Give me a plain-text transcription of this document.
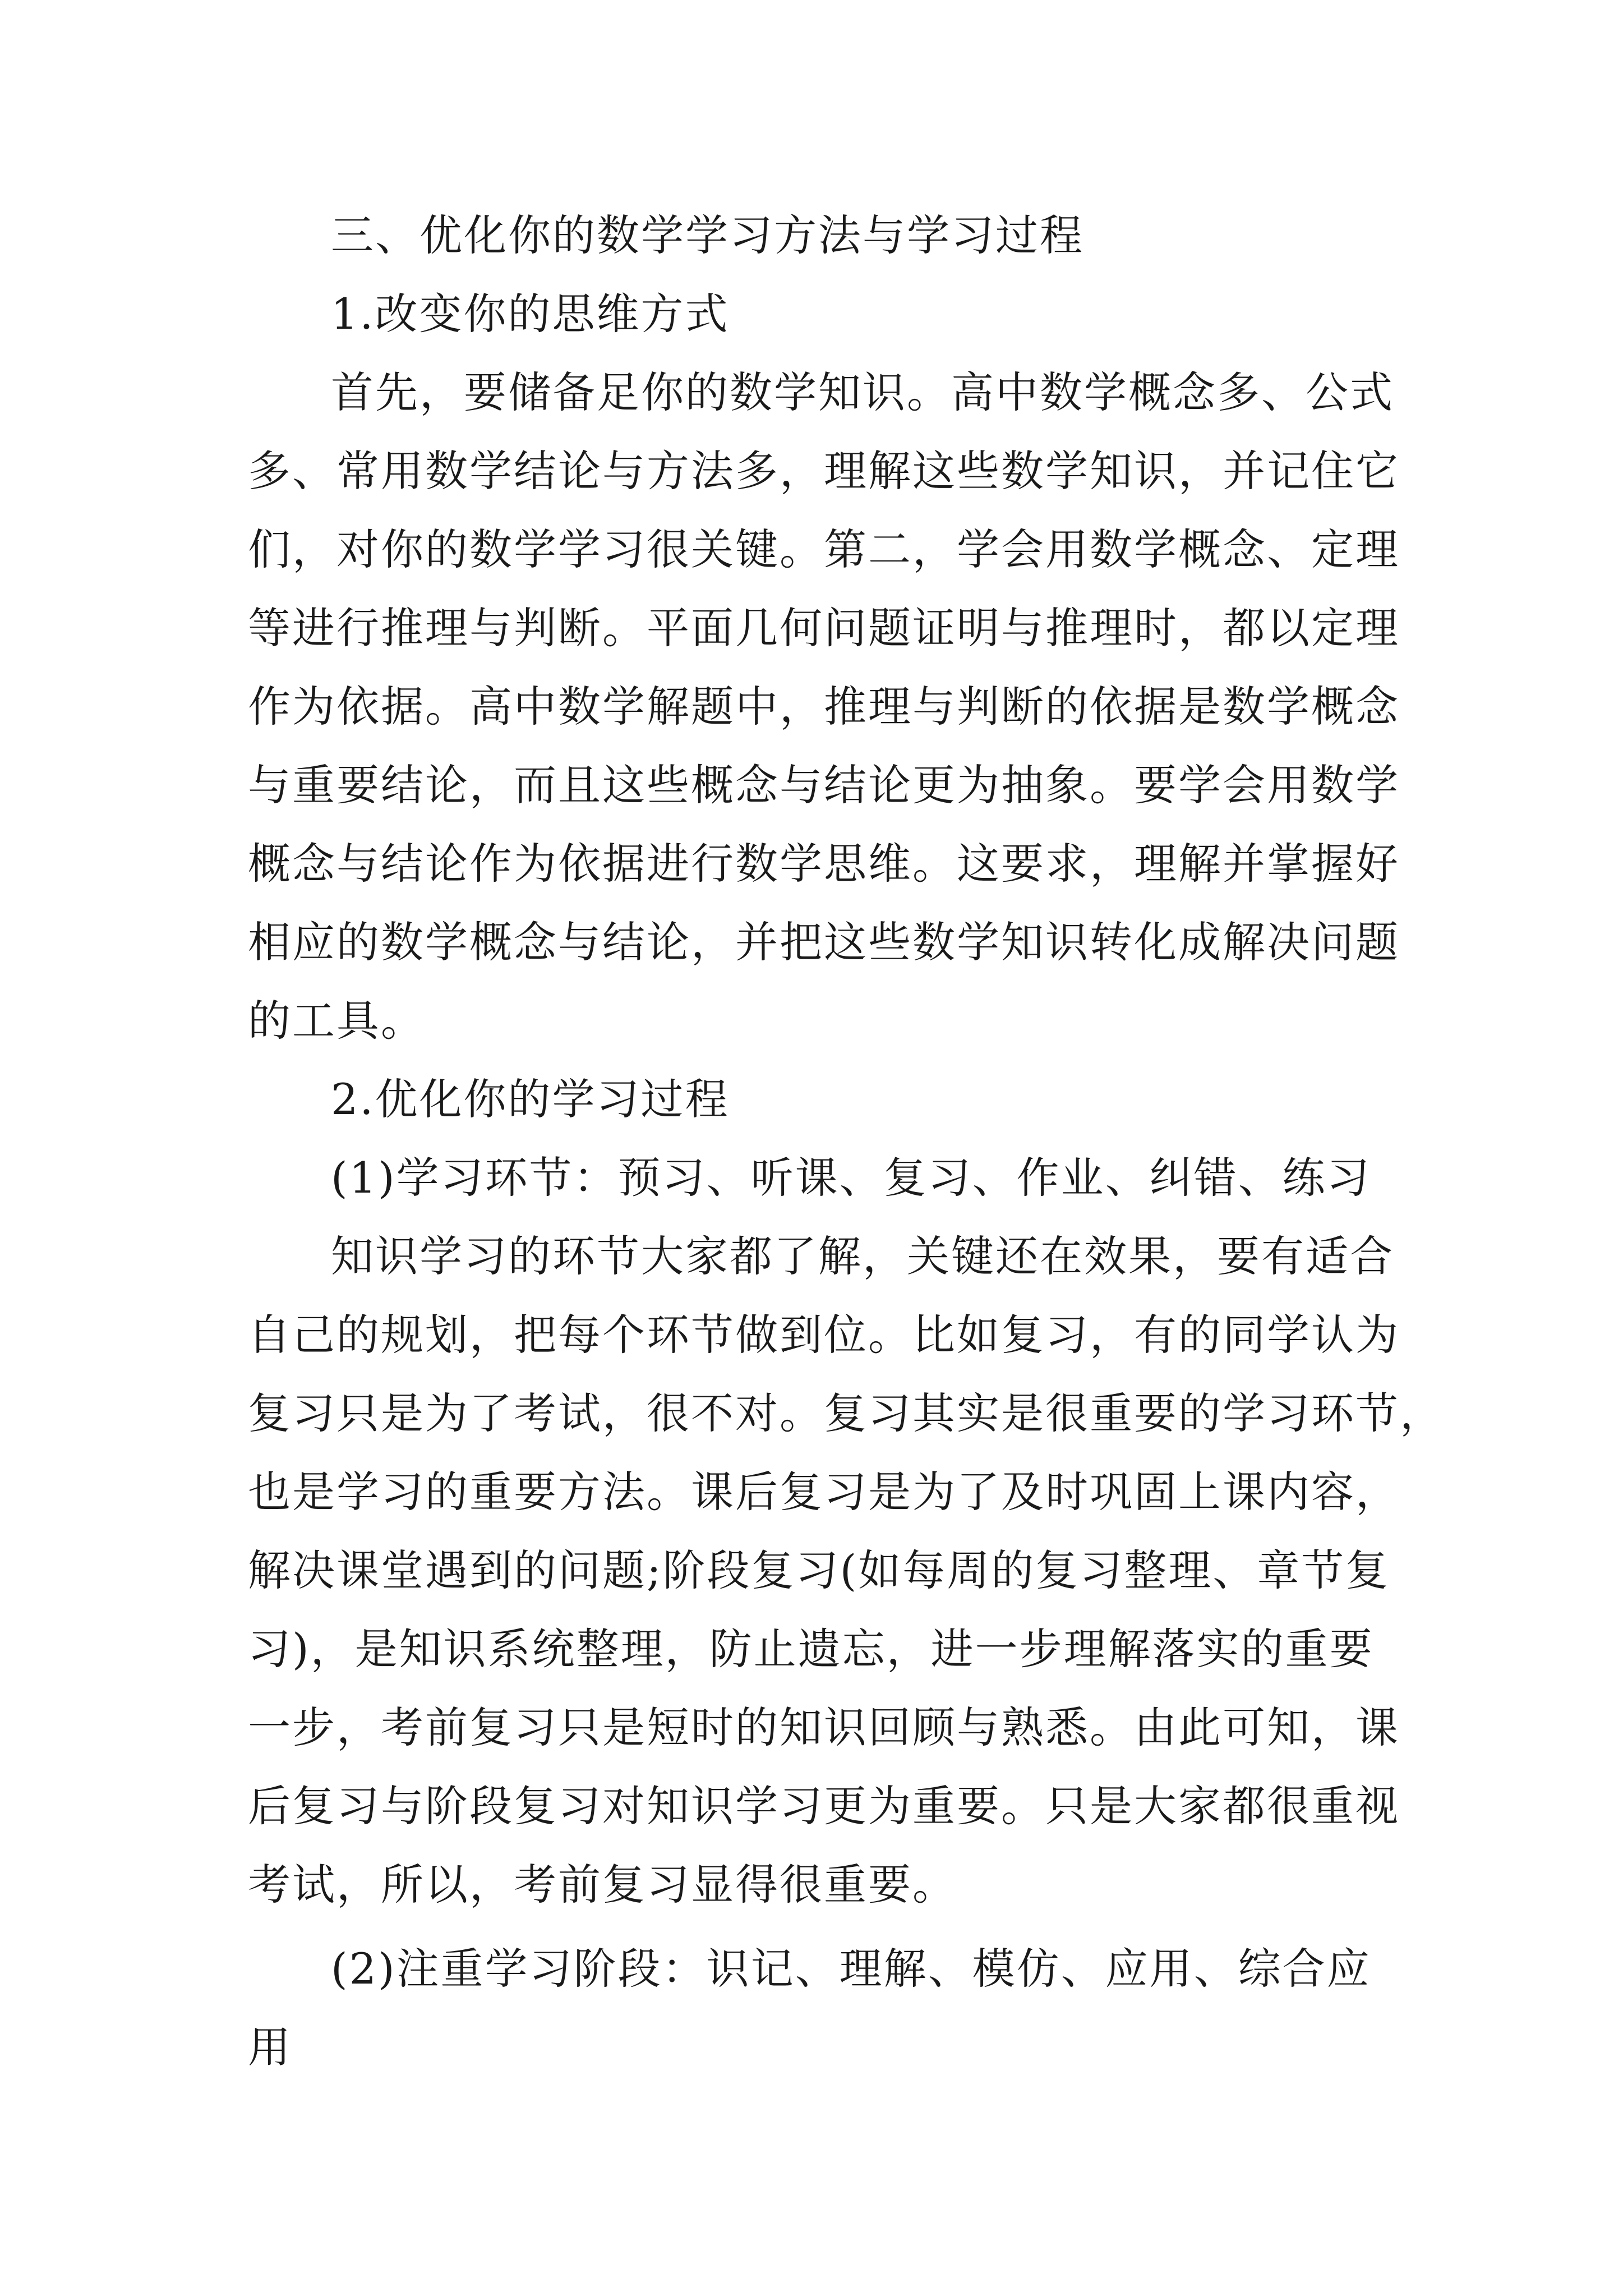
三、优化你的数学学习方法与学习过程
1.改变你的思维方式
首先，要储备足你的数学知识。高中数学概念多、公式
多、常用数学结论与方法多，理解这些数学知识，并记住它
们，对你的数学学习很关键。第二，学会用数学概念、定理
等进行推理与判断。平面几何问题证明与推理时，都以定理
作为依据。高中数学解题中，推理与判断的依据是数学概念
与重要结论，而且这些概念与结论更为抽象。要学会用数学
概念与结论作为依据进行数学思维。这要求，理解并掌握好
相应的数学概念与结论，并把这些数学知识转化成解决问题
的工具。
2.优化你的学习过程
(1)学习环节：预习、听课、复习、作业、纠错、练习
知识学习的环节大家都了解，关键还在效果，要有适合
自己的规划，把每个环节做到位。比如复习，有的同学认为
复习只是为了考试，很不对。复习其实是很重要的学习环节，
也是学习的重要方法。课后复习是为了及时巩固上课内容，
解决课堂遇到的问题;阶段复习(如每周的复习整理、章节复
习)，是知识系统整理，防止遗忘，进一步理解落实的重要
一步，考前复习只是短时的知识回顾与熟悉。由此可知，课
后复习与阶段复习对知识学习更为重要。只是大家都很重视
考试，所以，考前复习显得很重要。
(2)注重学习阶段：识记、理解、模仿、应用、综合应
用
